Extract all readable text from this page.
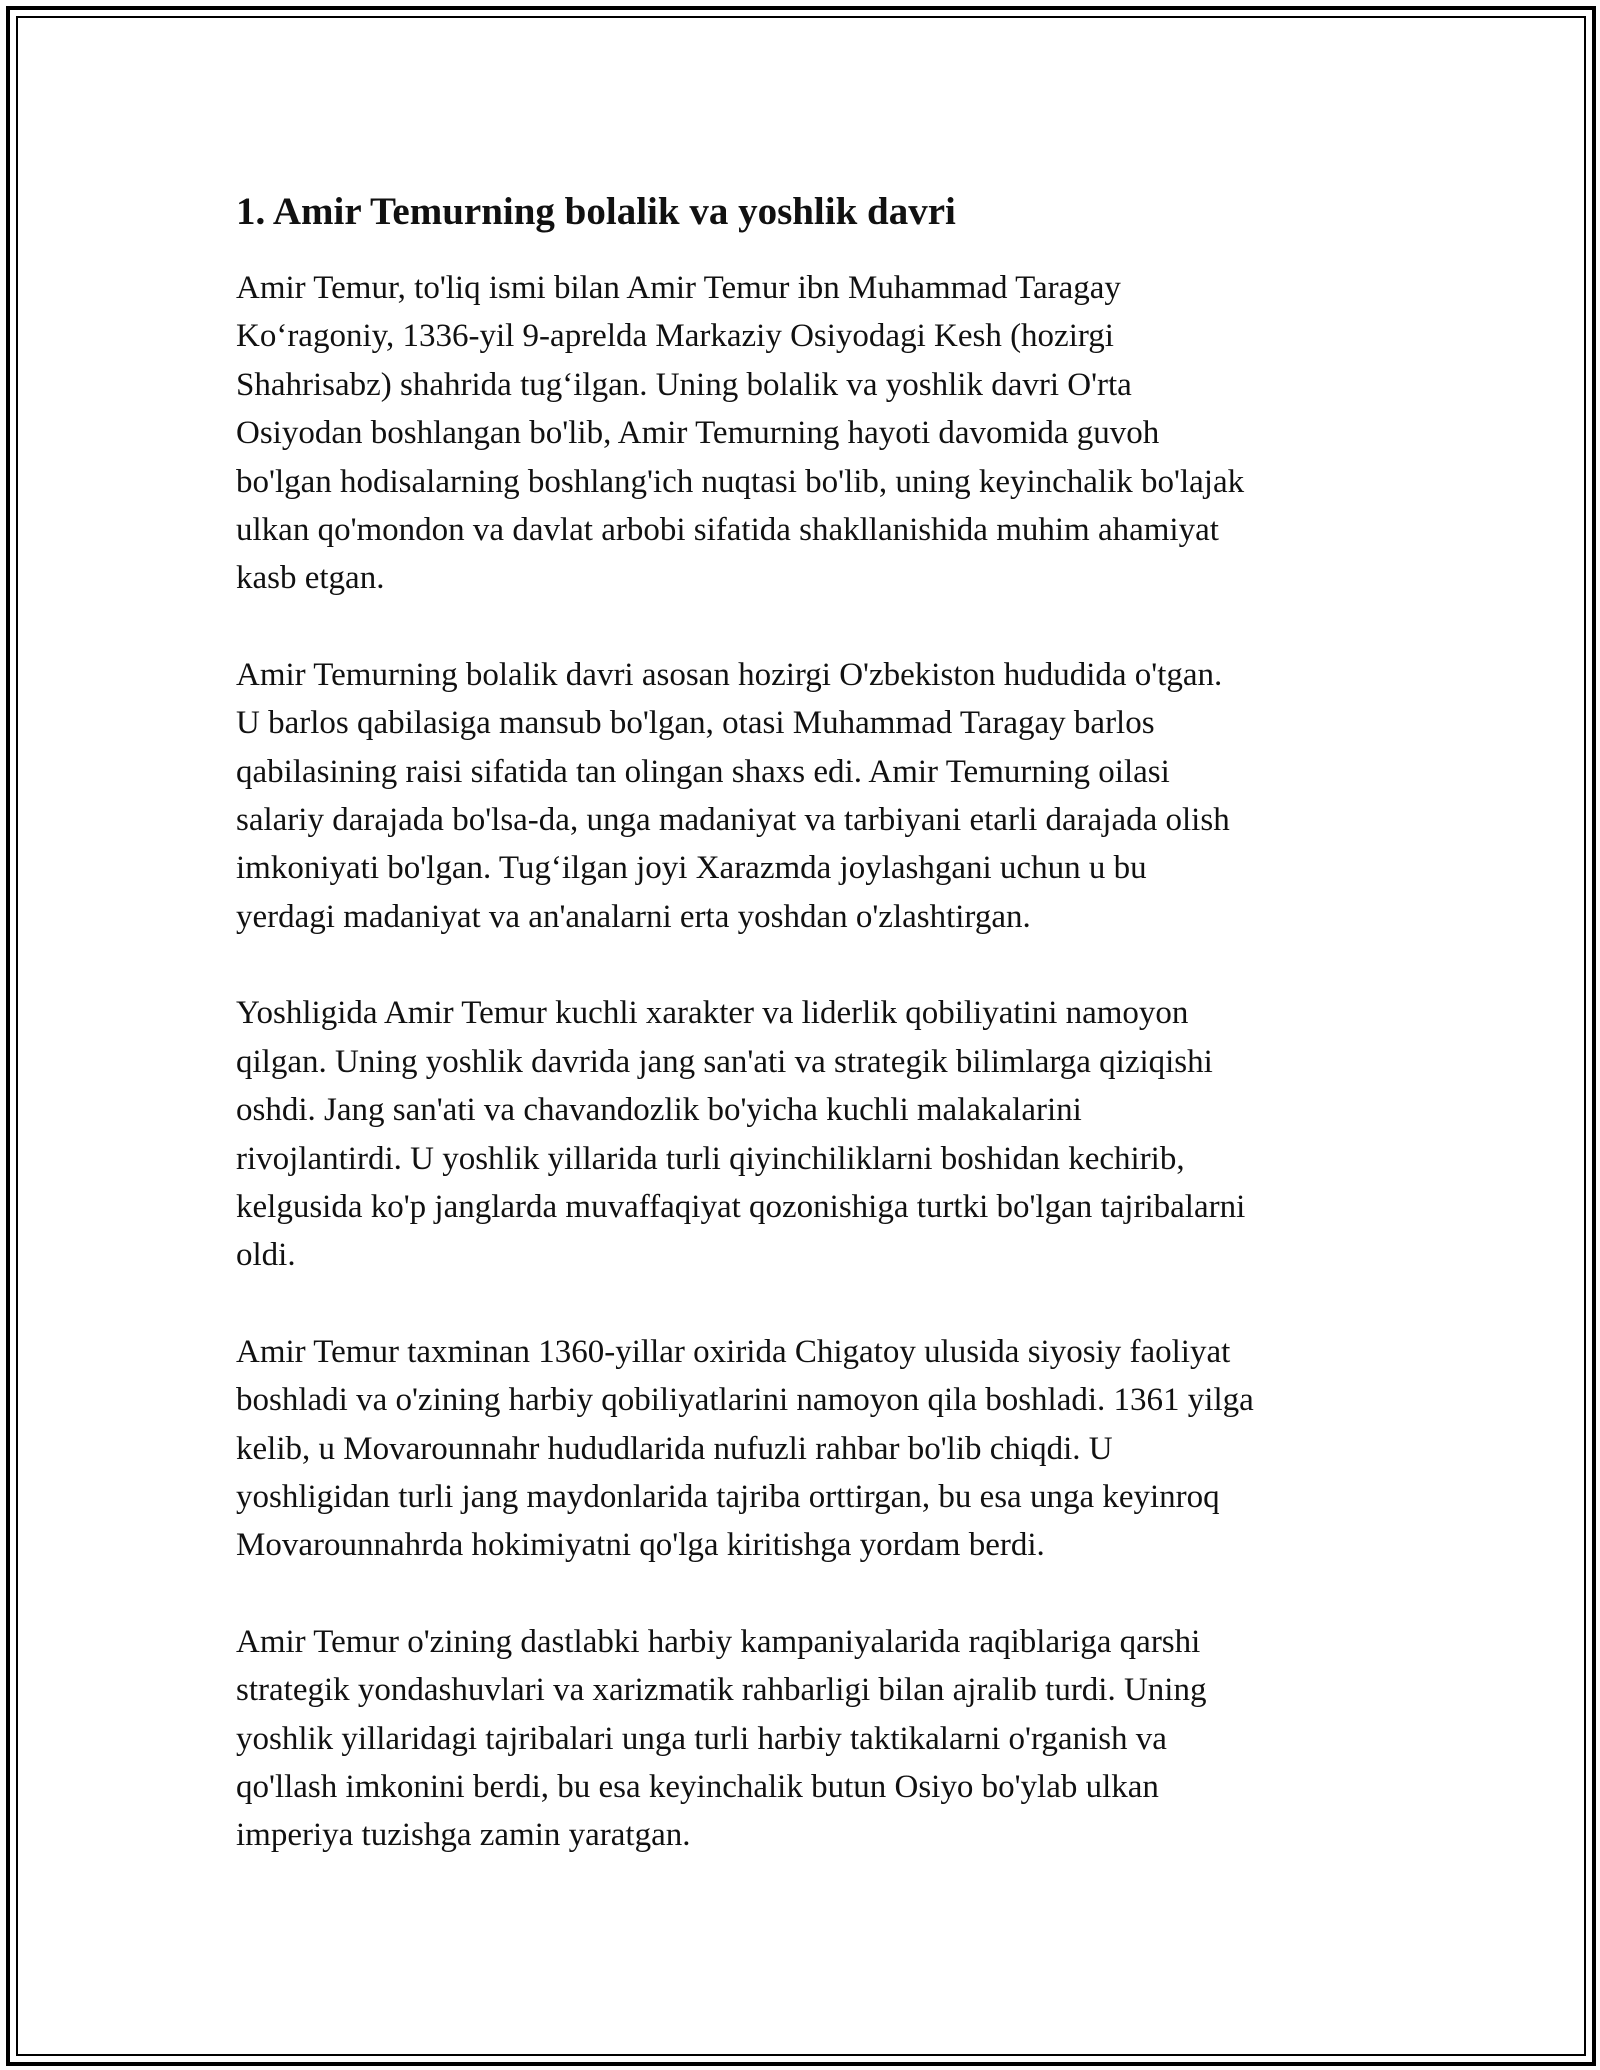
1. Amir Temurning bolalik va yoshlik davri

Amir Temur, to'liq ismi bilan Amir Temur ibn Muhammad Taragay
Ko‘ragoniy, 1336-yil 9-aprelda Markaziy Osiyodagi Kesh (hozirgi
Shahrisabz) shahrida tug‘ilgan. Uning bolalik va yoshlik davri O'rta
Osiyodan boshlangan bo'lib, Amir Temurning hayoti davomida guvoh
bo'lgan hodisalarning boshlang'ich nuqtasi bo'lib, uning keyinchalik bo'lajak
ulkan qo'mondon va davlat arbobi sifatida shakllanishida muhim ahamiyat
kasb etgan.

Amir Temurning bolalik davri asosan hozirgi O'zbekiston hududida o'tgan.
U barlos qabilasiga mansub bo'lgan, otasi Muhammad Taragay barlos
qabilasining raisi sifatida tan olingan shaxs edi. Amir Temurning oilasi
salariy darajada bo'lsa-da, unga madaniyat va tarbiyani etarli darajada olish
imkoniyati bo'lgan. Tug‘ilgan joyi Xarazmda joylashgani uchun u bu
yerdagi madaniyat va an'analarni erta yoshdan o'zlashtirgan.

Yoshligida Amir Temur kuchli xarakter va liderlik qobiliyatini namoyon
qilgan. Uning yoshlik davrida jang san'ati va strategik bilimlarga qiziqishi
oshdi. Jang san'ati va chavandozlik bo'yicha kuchli malakalarini
rivojlantirdi. U yoshlik yillarida turli qiyinchiliklarni boshidan kechirib,
kelgusida ko'p janglarda muvaffaqiyat qozonishiga turtki bo'lgan tajribalarni
oldi.

Amir Temur taxminan 1360-yillar oxirida Chigatoy ulusida siyosiy faoliyat
boshladi va o'zining harbiy qobiliyatlarini namoyon qila boshladi. 1361 yilga
kelib, u Movarounnahr hududlarida nufuzli rahbar bo'lib chiqdi. U
yoshligidan turli jang maydonlarida tajriba orttirgan, bu esa unga keyinroq
Movarounnahrda hokimiyatni qo'lga kiritishga yordam berdi.

Amir Temur o'zining dastlabki harbiy kampaniyalarida raqiblariga qarshi
strategik yondashuvlari va xarizmatik rahbarligi bilan ajralib turdi. Uning
yoshlik yillaridagi tajribalari unga turli harbiy taktikalarni o'rganish va
qo'llash imkonini berdi, bu esa keyinchalik butun Osiyo bo'ylab ulkan
imperiya tuzishga zamin yaratgan.
